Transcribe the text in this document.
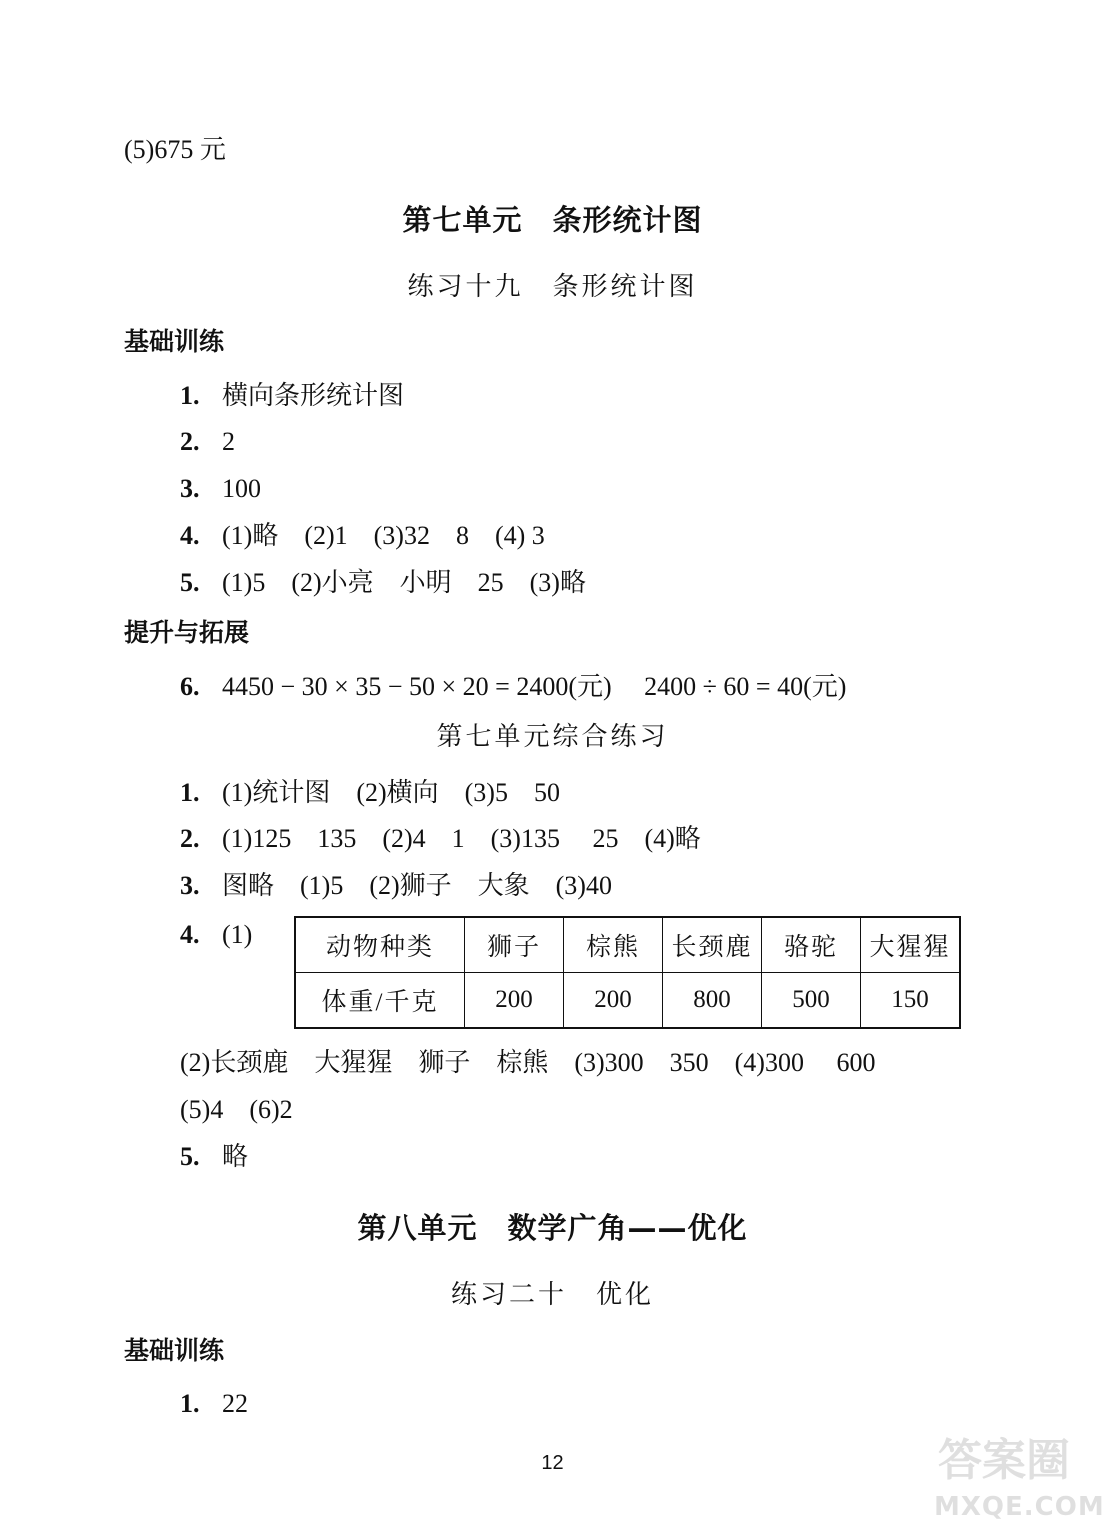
(5)675 元
第七单元　条形统计图
练习十九　条形统计图
基础训练
1. 横向条形统计图
2. 2
3. 100
4. (1)略　(2)1　(3)32　8　(4) 3
5. (1)5　(2)小亮　小明　25　(3)略
提升与拓展
6. 4450 − 30 × 35 − 50 × 20 = 2400(元)　 2400 ÷ 60 = 40(元)
第七单元综合练习
1. (1)统计图　(2)横向　(3)5　50
2. (1)125　135　(2)4　1　(3)135　 25　(4)略
3. 图略　(1)5　(2)狮子　大象　(3)40
4. (1)	动物种类	狮子	棕熊	长颈鹿	骆驼	大猩猩
体重/千克	200	200	800	500	150
(2)长颈鹿　大猩猩　狮子　棕熊　(3)300　350　(4)300　 600
(5)4　(6)2
5. 略
第八单元　数学广角——优化
练习二十　优化
基础训练
1. 22
12	答案圈
MXQE.COM
